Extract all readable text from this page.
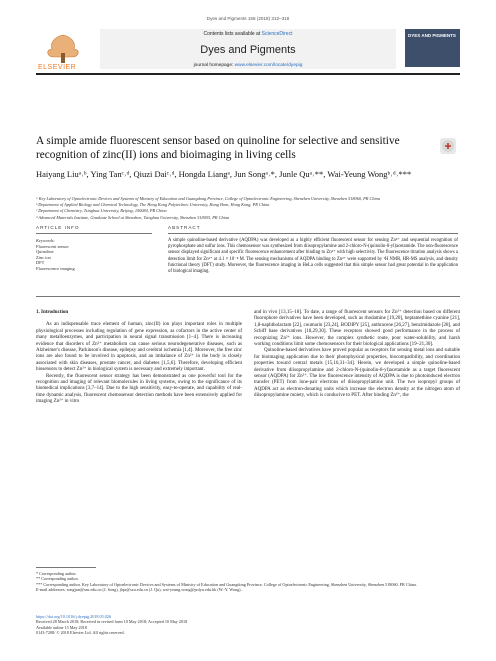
Dyes and Pigments 158 (2018) 312–318
ELSEVIER
Contents lists available at ScienceDirect
Dyes and Pigments
journal homepage: www.elsevier.com/locate/dyepig
DYES AND PIGMENTS
A simple amide fluorescent sensor based on quinoline for selective and sensitive recognition of zinc(II) ions and bioimaging in living cells
Haiyang Liuᵃ˒ᵇ, Ying Tanᶜ˒ᵈ, Qiuzi Daiᶜ˒ᵈ, Hongda Liangᵃ, Jun Songᵃ˒*, Junle Quᵃ˒**, Wai-Yeung Wongᵇ˒ᵈ˒***
ᵃ Key Laboratory of Optoelectronic Devices and Systems of Ministry of Education and Guangdong Province, College of Optoelectronic Engineering, Shenzhen University, Shenzhen 518060, PR China
ᵇ Department of Applied Biology and Chemical Technology, The Hong Kong Polytechnic University, Hung Hom, Hong Kong, PR China
ᶜ Department of Chemistry, Tsinghua University, Beijing, 100084, PR China
ᵈ Advanced Materials Institute, Graduate School at Shenzhen, Tsinghua University, Shenzhen 518055, PR China
ARTICLE INFO	ABSTRACT
Keywords:
Fluorescent sensor
Quinoline
Zinc ion
DFT
Fluorescence imaging
A simple quinoline-based derivative (AQDPA) was developed as a highly efficient fluorescent sensor for sensing Zn²⁺ and sequential recognition of pyrophosphate and sulfur ions. This chemosensor was synthesized from diisopropylamine and 2-chloro-N-(quinolin-8-yl)acetamide. The non-fluorescence sensor displayed significant and specific fluorescence enhancement after binding to Zn²⁺ with high selectivity. The fluorescence titration analysis shows a detection limit for Zn²⁺ at 4.1 × 10⁻⁸ M. The sensing mechanisms of AQDPA binding to Zn²⁺ were supported by ¹H NMR, HR-MS analysis, and density functional theory (DFT) study. Moreover, the fluorescence imaging in HeLa cells suggested that this simple sensor had great potential in the application of biological imaging.
1. Introduction
As an indispensable trace element of human, zinc(II) ion plays important roles in multiple physiological processes including regulation of gene expression, as cofactors in the active center of many metalloenzymes, and participation in neural signal transmission [1–4]. There is increasing evidence that disorders of Zn²⁺ metabolism can cause serious neurodegenerative diseases, such as Alzheimer's disease, Parkinson's disease, epilepsy and cerebral ischemia [1,4]. Moreover, the free zinc ions are also found to be involved in apoptosis, and an imbalance of Zn²⁺ in the body is closely associated with skin diseases, prostate cancer, and diabetes [1,5,6]. Therefore, developing efficient biosensors to detect Zn²⁺ in biological system is necessary and extremely important.
Recently, the fluorescent sensor strategy has been demonstrated as one powerful tool for the recognition and imaging of relevant biomolecules in living systems, owing to the significance of its biomedical implications [3,7–14]. Due to the high sensitivity, easy-to-operate, and capability of real-time dynamic analysis, fluorescent chemosensor detection methods have been extensively applied for imaging Zn²⁺ in vitro
and in vivo [13,15–18]. To date, a range of fluorescent sensors for Zn²⁺ detection based on different fluorophore derivatives have been developed, such as rhodamine [19,20], heptamethine cyanine [21], 1,8-naphtholactam [22], coumarin [23,24], BODIPY [25], anthracene [26,27], benzimidazole [28], and Schiff base derivatives [18,29,30]. These receptors showed good performance in the process of recognizing Zn²⁺ ions. However, the complex synthetic route, poor water-solubility, and harsh working conditions limit some chemosensors for their biological applications [19–21,30].
Quinoline-based derivatives have proved popular as receptors for sensing metal ions and suitable for bioimaging application due to their photophysical properties, biocompatibility, and coordination properties toward central metals [15,16,31–34]. Herein, we developed a simple quinoline-based derivative from diisopropylamine and 2-chloro-N-(quinolin-8-yl)acetamide as a target fluorescent sensor (AQDPA) for Zn²⁺. The low fluorescence intensity of AQDPA is due to photoinduced electron transfer (PET) from lone-pair electrons of diisopropylamine unit. The two isopropyl groups of AQDPA act as electron-donating units which increase the electron density at the nitrogen atom of diisopropylamine moiety, which is conducive to PET. After binding Zn²⁺, the
* Corresponding author.
** Corresponding author.
*** Corresponding author. Key Laboratory of Optoelectronic Devices and Systems of Ministry of Education and Guangdong Province, College of Optoelectronic Engineering, Shenzhen University, Shenzhen 518060, PR China.
E-mail addresses: songjun@szu.edu.cn (J. Song), jlqu@szu.edu.cn (J. Qu), wai-yeung.wong@polyu.edu.hk (W.-Y. Wong).
https://doi.org/10.1016/j.dyepig.2018.05.026
Received 28 March 2018; Received in revised form 10 May 2018; Accepted 10 May 2018
Available online 15 May 2018
0143-7208/ © 2018 Elsevier Ltd. All rights reserved.
